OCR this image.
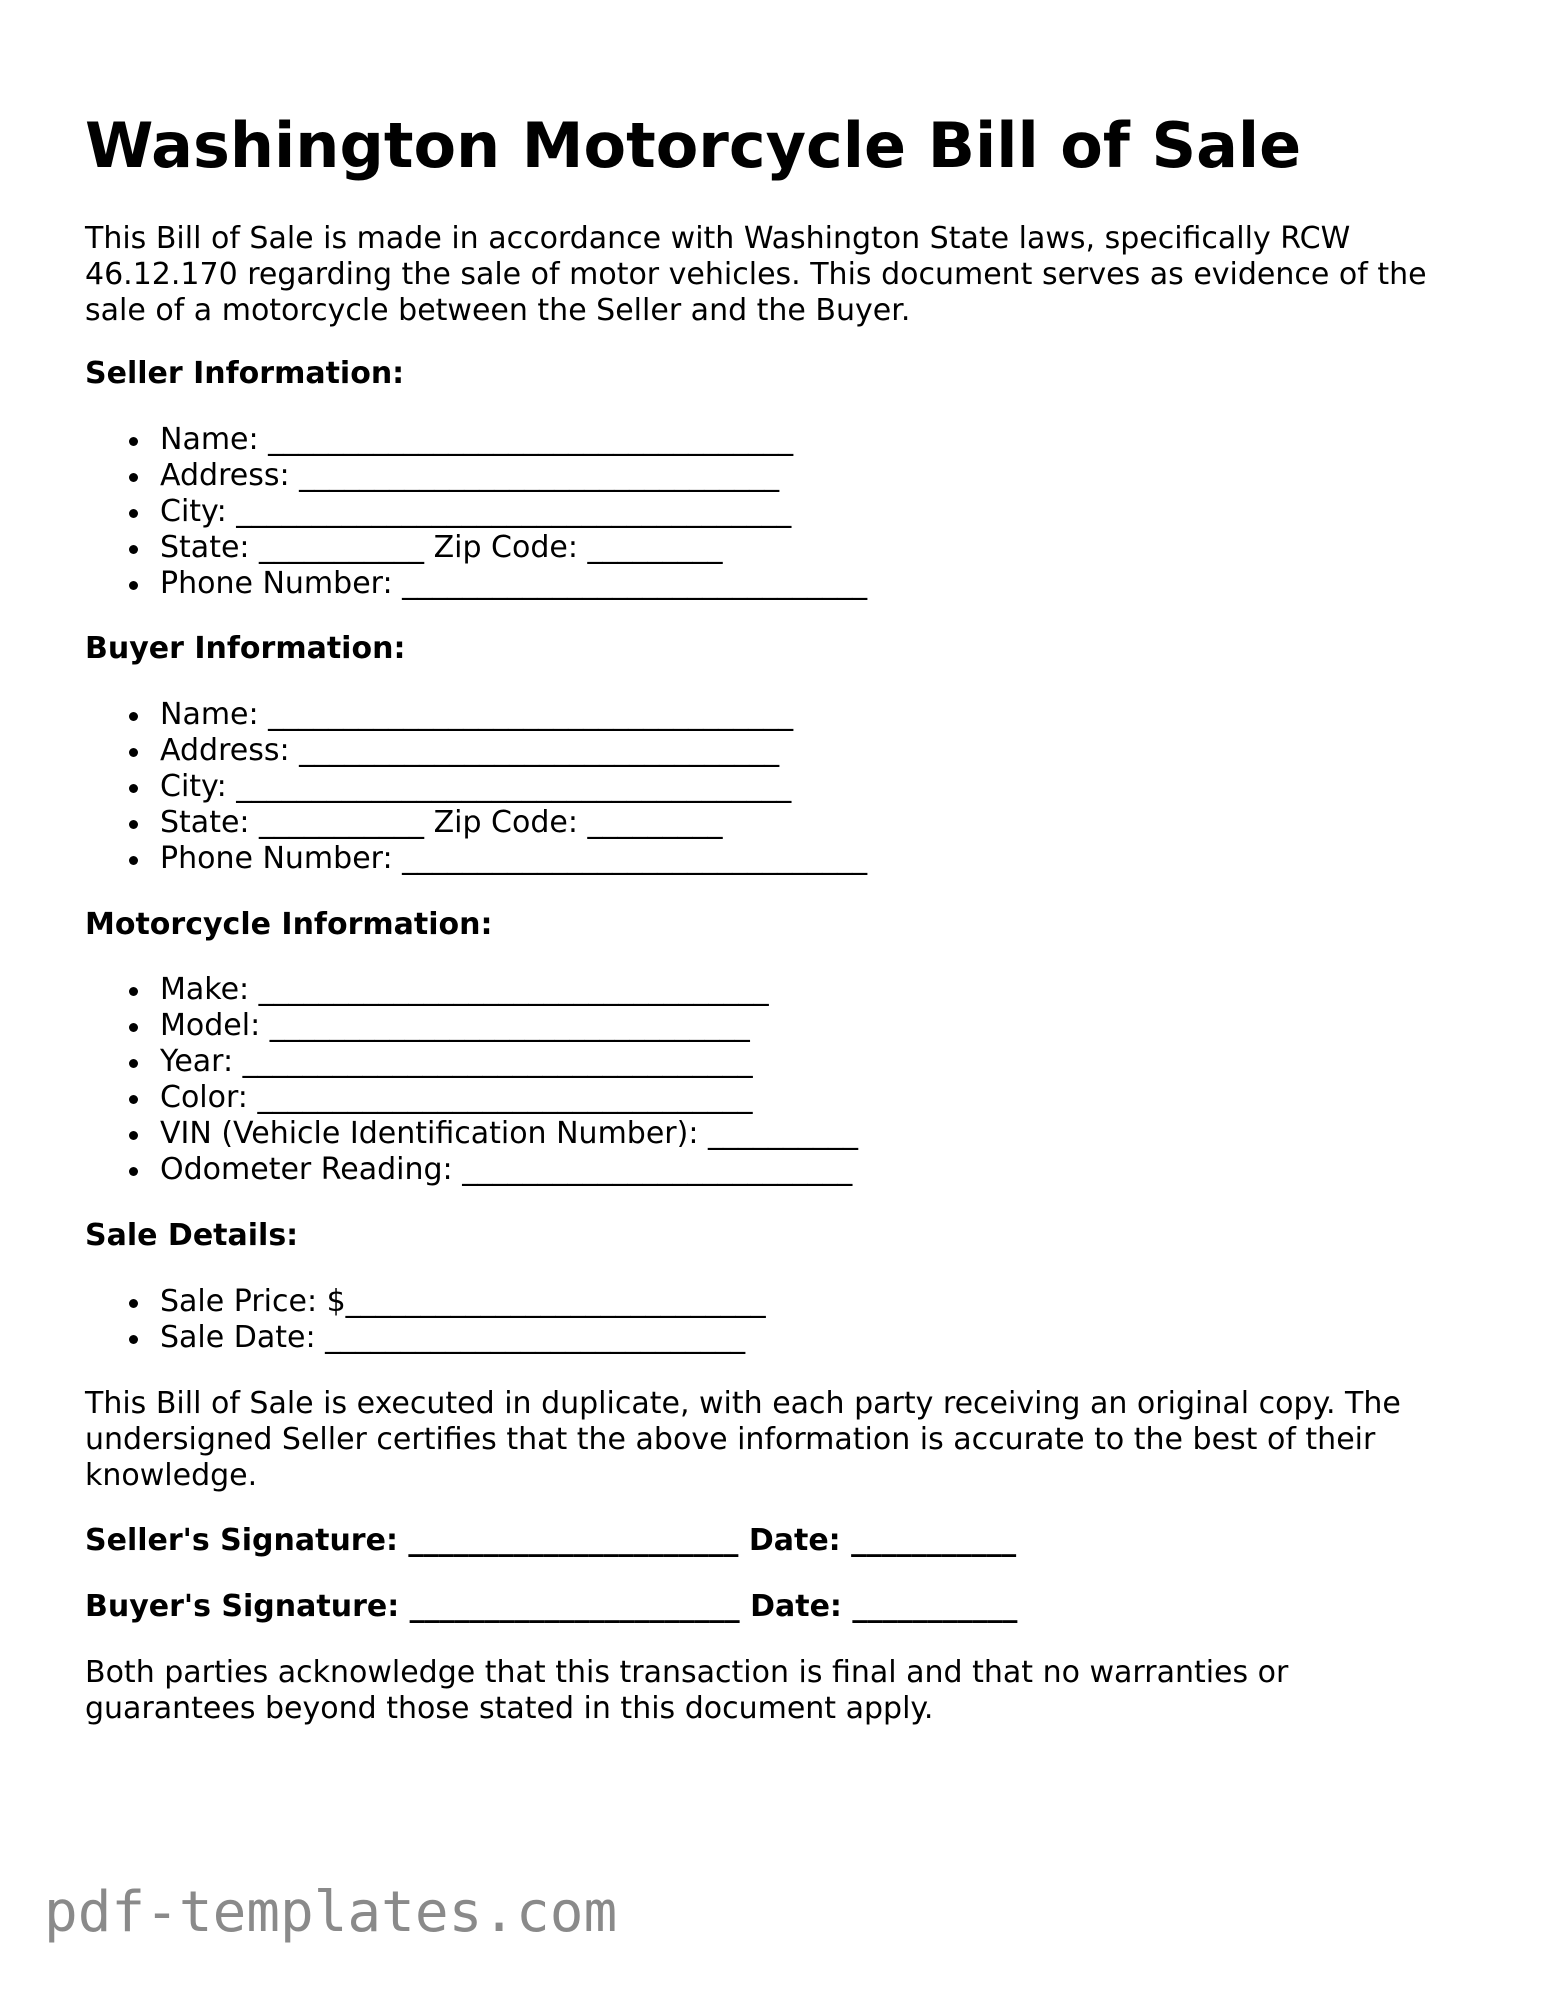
Washington Motorcycle Bill of Sale
This Bill of Sale is made in accordance with Washington State laws, specifically RCW
46.12.170 regarding the sale of motor vehicles. This document serves as evidence of the
sale of a motorcycle between the Seller and the Buyer.
Seller Information:
Name: ___________________________________
Address: ________________________________
City: _____________________________________
State: ___________ Zip Code: _________
Phone Number: _______________________________
Buyer Information:
Name: ___________________________________
Address: ________________________________
City: _____________________________________
State: ___________ Zip Code: _________
Phone Number: _______________________________
Motorcycle Information:
Make: __________________________________
Model: ________________________________
Year: __________________________________
Color: _________________________________
VIN (Vehicle Identification Number): __________
Odometer Reading: __________________________
Sale Details:
Sale Price: $____________________________
Sale Date: ____________________________
This Bill of Sale is executed in duplicate, with each party receiving an original copy. The
undersigned Seller certifies that the above information is accurate to the best of their
knowledge.
Seller's Signature: ______________________ Date: ___________
Buyer's Signature: ______________________ Date: ___________
Both parties acknowledge that this transaction is final and that no warranties or
guarantees beyond those stated in this document apply.
pdf-templates.com
